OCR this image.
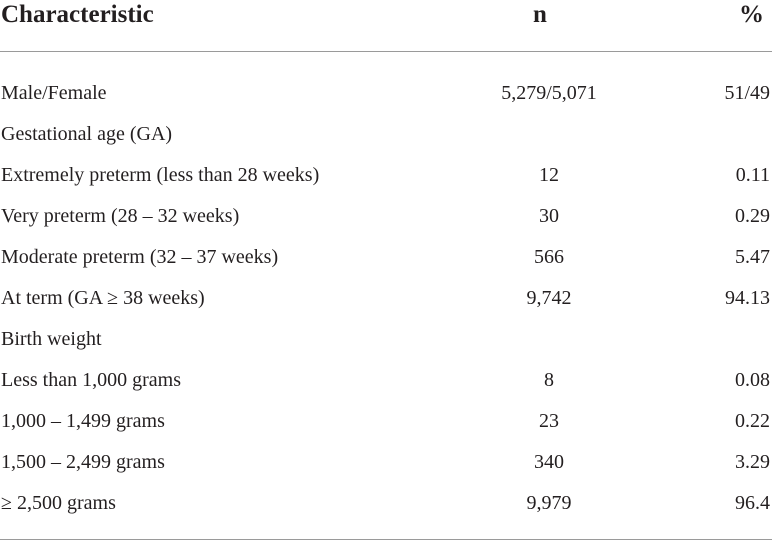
Characteristic	n	%
Male/Female	5,279/5,071	51/49
Gestational age (GA)
Extremely preterm (less than 28 weeks)	12	0.11
Very preterm (28 – 32 weeks)	30	0.29
Moderate preterm (32 – 37 weeks)	566	5.47
At term (GA ≥ 38 weeks)	9,742	94.13
Birth weight
Less than 1,000 grams	8	0.08
1,000 – 1,499 grams	23	0.22
1,500 – 2,499 grams	340	3.29
≥ 2,500 grams	9,979	96.4
